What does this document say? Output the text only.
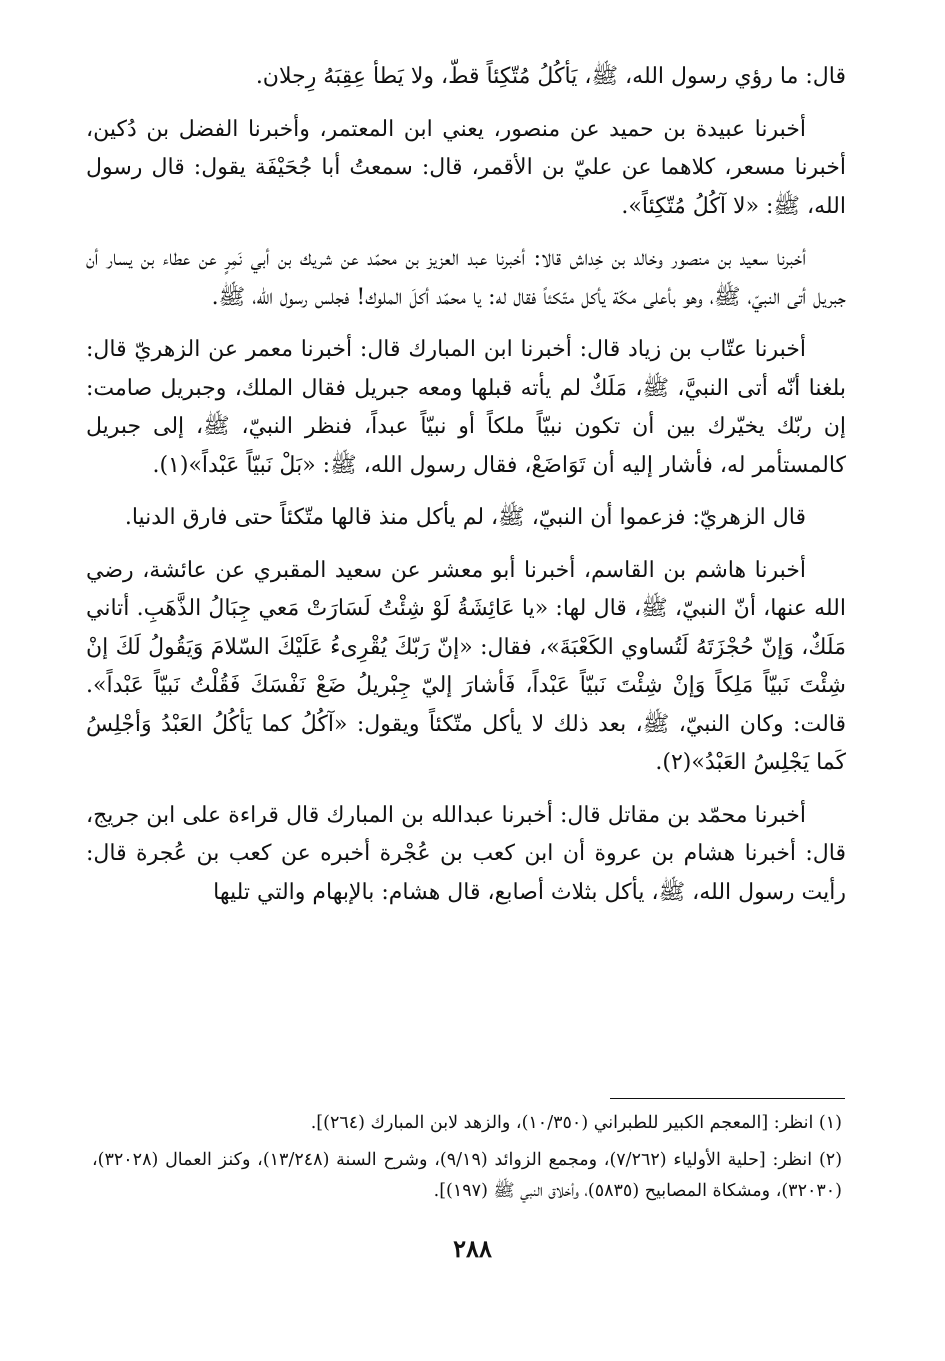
قال: ما رؤي رسول الله، ﷺ، يَأكُلُ مُتّكِئاً قطّ، ولا يَطأ عِقِبَهُ رِجلان.

أخبرنا عبيدة بن حميد عن منصور، يعني ابن المعتمر، وأخبرنا الفضل بن دُكين، أخبرنا مسعر، كلاهما عن عليّ بن الأقمر، قال: سمعتُ أبا جُحَيْفَة يقول: قال رسول الله، ﷺ: «لا آكُلُ مُتّكِئاً».

أخبرنا سعيد بن منصور وخالد بن خِداش قالا: أخبرنا عبد العزيز بن محمّد عن شريك بن أبي نَمِرٍ عن عطاء بن يسار أن جبريل أتى النبيّ، ﷺ، وهو بأعلى مكّة يأكل متّكئاً فقال له: يا محمّد أكلَ الملوك! فجلس رسول الله، ﷺ.

أخبرنا عتّاب بن زياد قال: أخبرنا ابن المبارك قال: أخبرنا معمر عن الزهريّ قال: بلغنا أنّه أتى النبيَّ، ﷺ، مَلَكٌ لم يأته قبلها ومعه جبريل فقال الملك، وجبريل صامت: إن ربّك يخيّرك بين أن تكون نبيّاً ملكاً أو نبيّاً عبداً، فنظر النبيّ، ﷺ، إلى جبريل كالمستأمر له، فأشار إليه أن تَوَاضَعْ، فقال رسول الله، ﷺ: «بَلْ نَبيّاً عَبْداً»(١).

قال الزهريّ: فزعموا أن النبيّ، ﷺ، لم يأكل منذ قالها متّكئاً حتى فارق الدنيا.

أخبرنا هاشم بن القاسم، أخبرنا أبو معشر عن سعيد المقبري عن عائشة، رضي الله عنها، أنّ النبيّ، ﷺ، قال لها: «يا عَائِشَةُ لَوْ شِئْتُ لَسَارَتْ مَعي جِبَالُ الذَّهَبِ. أتاني مَلَكٌ، وَإنّ حُجْزَتَهُ لَتُساوي الكَعْبَةَ»، فقال: «إنّ رَبّكَ يُقْرِىءُ عَلَيْكَ السّلامَ وَيَقُولُ لَكَ إنْ شِئْتَ نَبيّاً مَلِكاً وَإنْ شِئْتَ نَبيّاً عَبْداً، فَأشارَ إليّ جِبْريلُ ضَعْ نَفْسَكَ فَقُلْتُ نَبيّاً عَبْداً». قالت: وكان النبيّ، ﷺ، بعد ذلك لا يأكل متّكئاً ويقول: «آكُلُ كما يَأكُلُ العَبْدُ وَأجْلِسُ كَما يَجْلِسُ العَبْدُ»(٢).

أخبرنا محمّد بن مقاتل قال: أخبرنا عبدالله بن المبارك قال قراءة على ابن جريج، قال: أخبرنا هشام بن عروة أن ابن كعب بن عُجْرة أخبره عن كعب بن عُجرة قال: رأيت رسول الله، ﷺ، يأكل بثلاث أصابع، قال هشام: بالإبهام والتي تليها

(١) انظر: [المعجم الكبير للطبراني (١٠/٣٥٠)، والزهد لابن المبارك (٢٦٤)].

(٢) انظر: [حلية الأولياء (٧/٢٦٢)، ومجمع الزوائد (٩/١٩)، وشرح السنة (١٣/٢٤٨)، وكنز العمال (٣٢٠٢٨)، (٣٢٠٣٠)، ومشكاة المصابيح (٥٨٣٥)، وأخلاق النبي ﷺ (١٩٧)].

٢٨٨
